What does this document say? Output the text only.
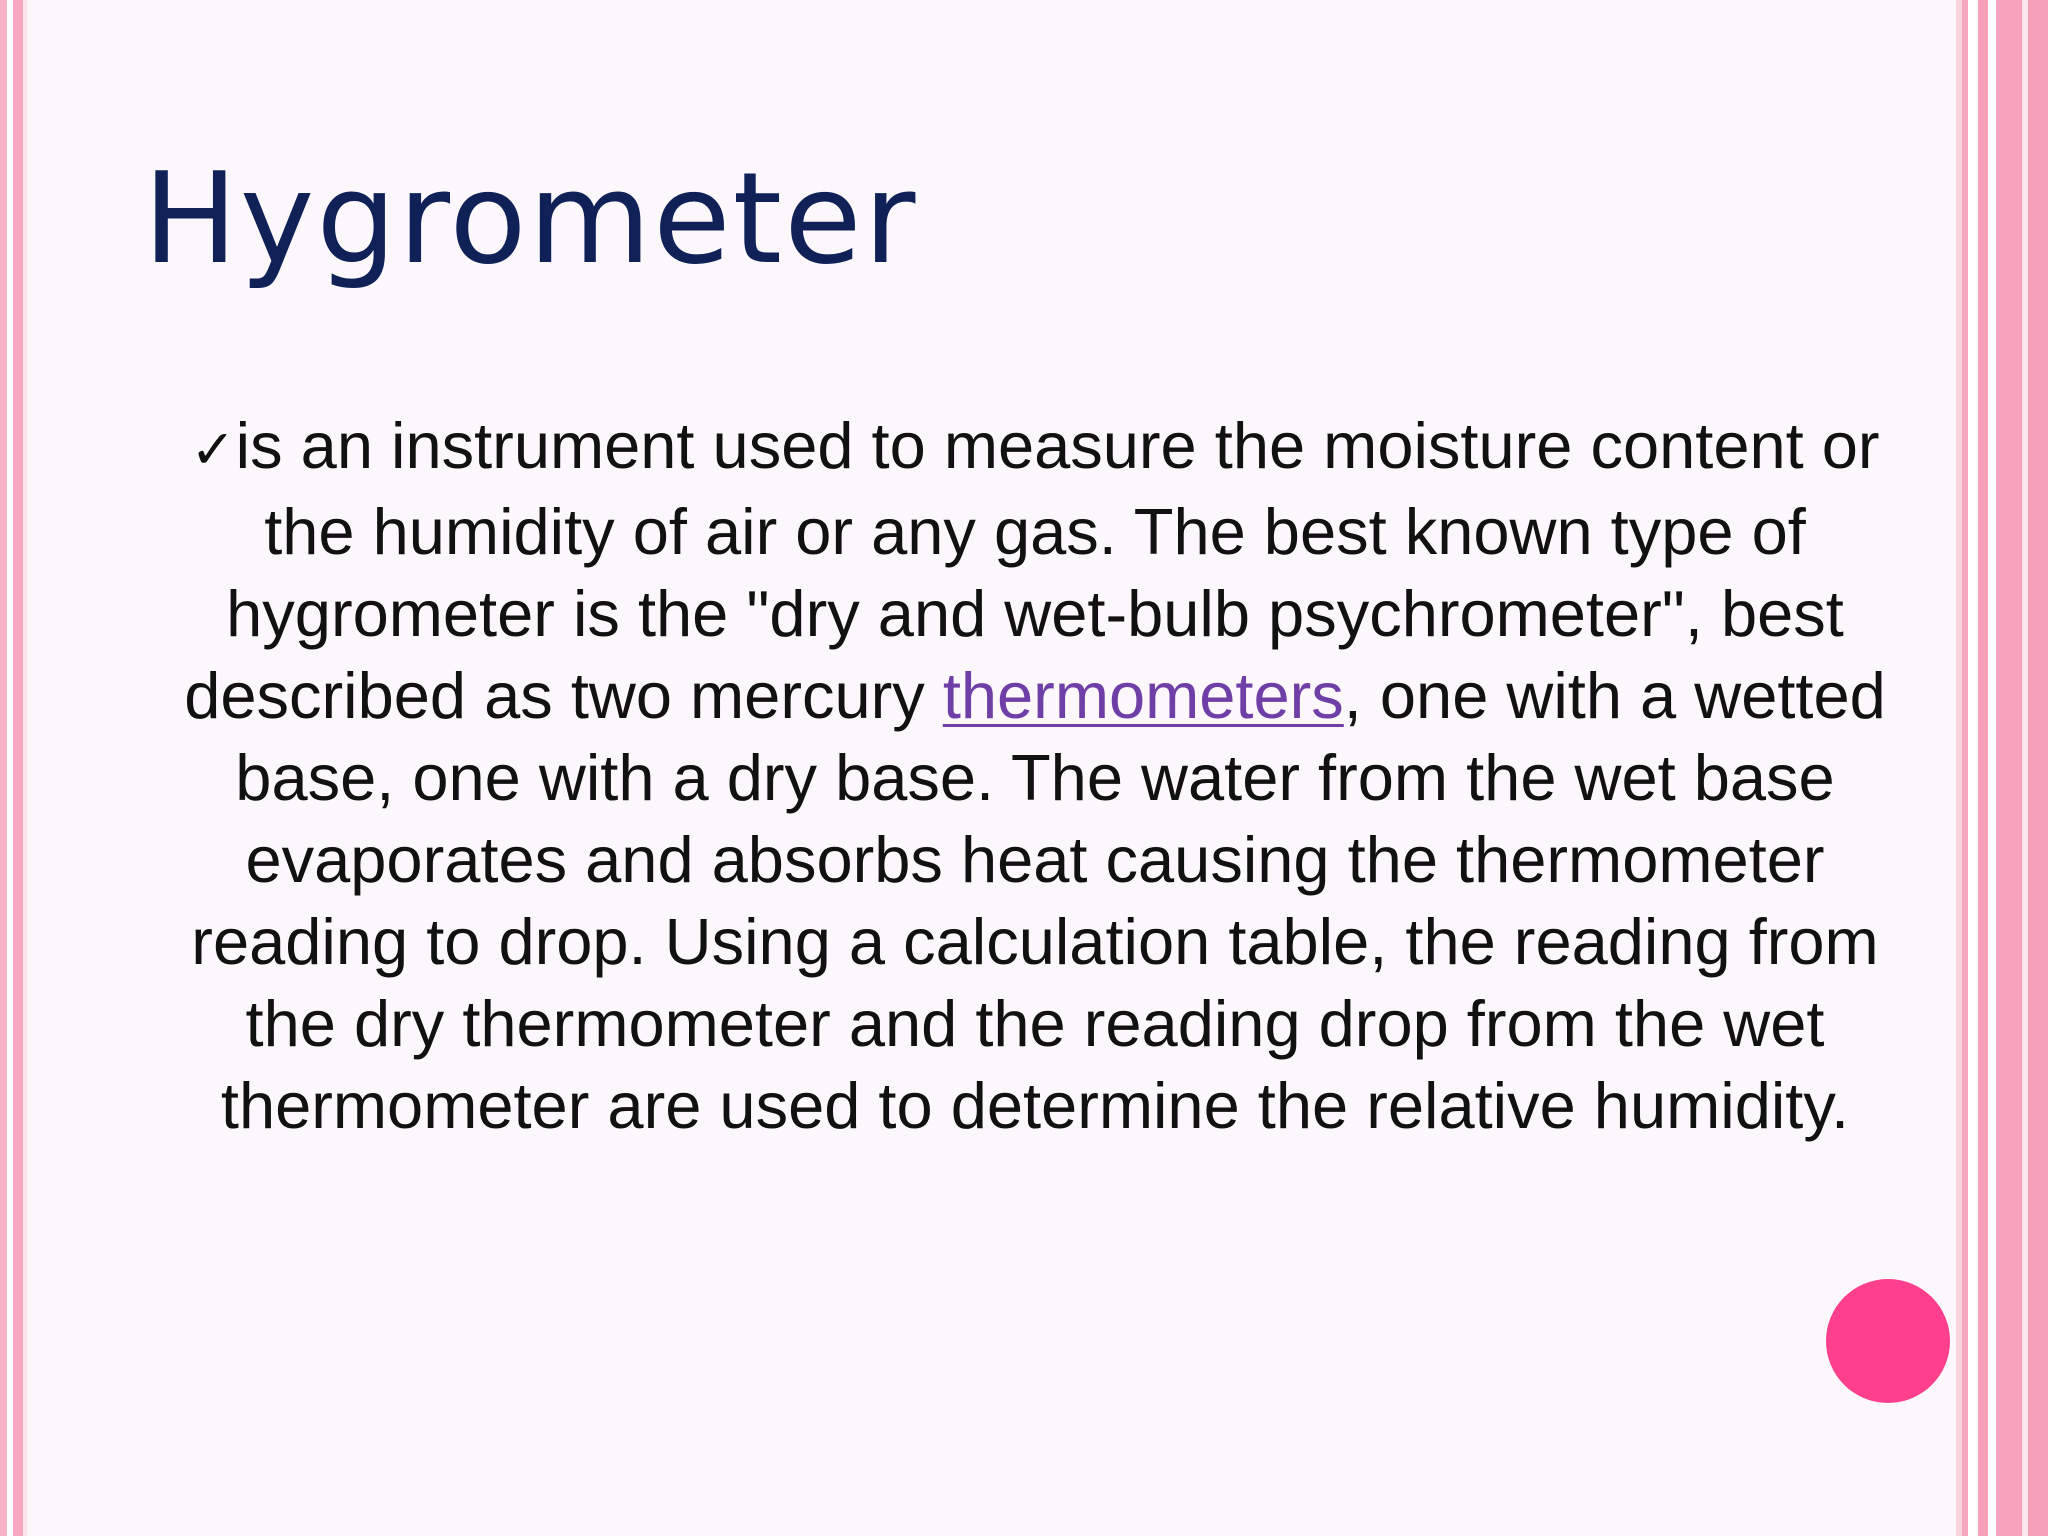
Hygrometer

✓is an instrument used to measure the moisture content or the humidity of air or any gas. The best known type of hygrometer is the "dry and wet-bulb psychrometer", best described as two mercury thermometers, one with a wetted base, one with a dry base. The water from the wet base evaporates and absorbs heat causing the thermometer reading to drop. Using a calculation table, the reading from the dry thermometer and the reading drop from the wet thermometer are used to determine the relative humidity.
